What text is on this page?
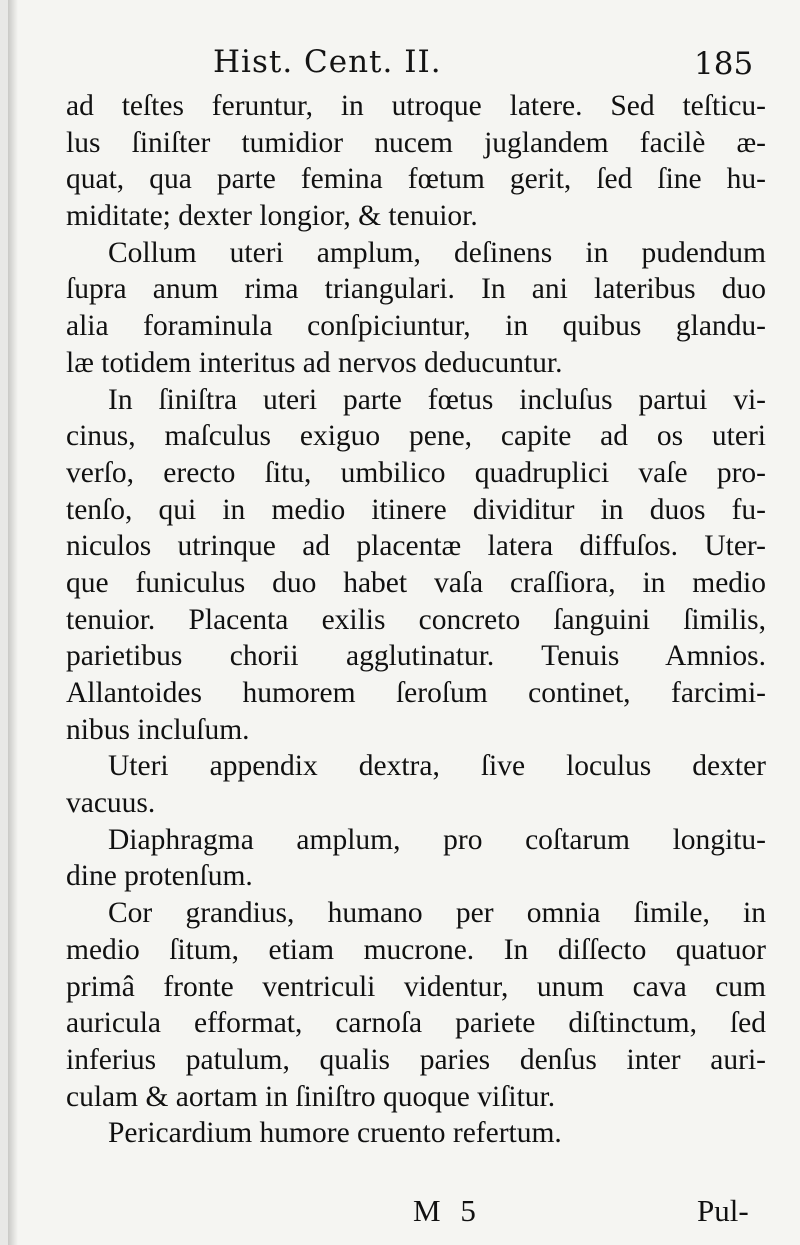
Hist. Cent. II.	185
ad teſtes feruntur, in utroque latere. Sed teſticu-
lus ſiniſter tumidior nucem juglandem facilè æ-
quat, qua parte femina fœtum gerit, ſed ſine hu-
miditate; dexter longior, & tenuior.
Collum uteri amplum, deſinens in pudendum
ſupra anum rima triangulari. In ani lateribus duo
alia foraminula conſpiciuntur, in quibus glandu-
læ totidem interitus ad nervos deducuntur.
In ſiniſtra uteri parte fœtus incluſus partui vi-
cinus, maſculus exiguo pene, capite ad os uteri
verſo, erecto ſitu, umbilico quadruplici vaſe pro-
tenſo, qui in medio itinere dividitur in duos fu-
niculos utrinque ad placentæ latera diffuſos. Uter-
que funiculus duo habet vaſa craſſiora, in medio
tenuior. Placenta exilis concreto ſanguini ſimilis,
parietibus chorii agglutinatur. Tenuis Amnios.
Allantoides humorem ſeroſum continet, farcimi-
nibus incluſum.
Uteri appendix dextra, ſive loculus dexter
vacuus.
Diaphragma amplum, pro coſtarum longitu-
dine protenſum.
Cor grandius, humano per omnia ſimile, in
medio ſitum, etiam mucrone. In diſſecto quatuor
primâ fronte ventriculi videntur, unum cava cum
auricula efformat, carnoſa pariete diſtinctum, ſed
inferius patulum, qualis paries denſus inter auri-
culam & aortam in ſiniſtro quoque viſitur.
Pericardium humore cruento refertum.
M 5	Pul-
